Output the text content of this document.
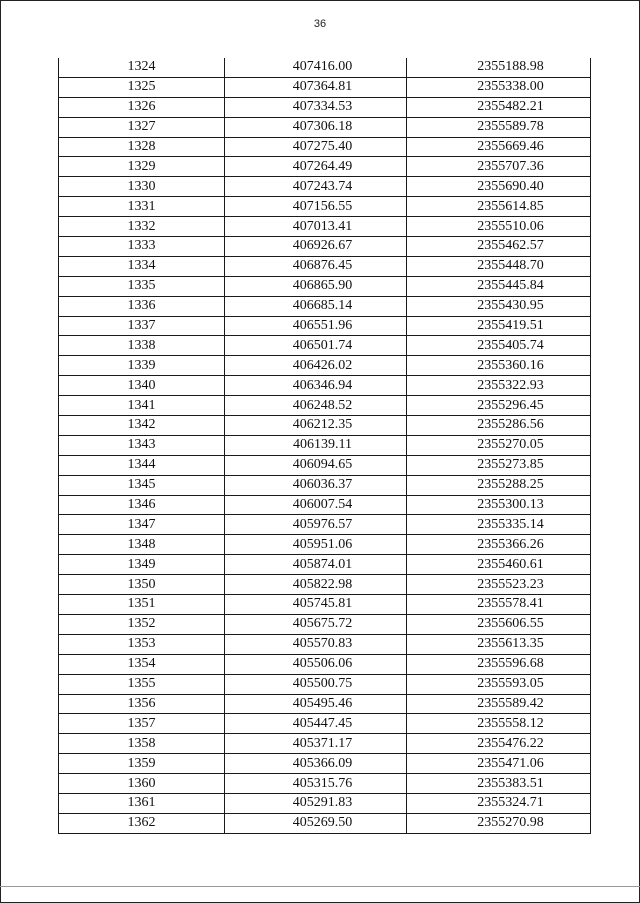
36
1324	407416.00	2355188.98
1325	407364.81	2355338.00
1326	407334.53	2355482.21
1327	407306.18	2355589.78
1328	407275.40	2355669.46
1329	407264.49	2355707.36
1330	407243.74	2355690.40
1331	407156.55	2355614.85
1332	407013.41	2355510.06
1333	406926.67	2355462.57
1334	406876.45	2355448.70
1335	406865.90	2355445.84
1336	406685.14	2355430.95
1337	406551.96	2355419.51
1338	406501.74	2355405.74
1339	406426.02	2355360.16
1340	406346.94	2355322.93
1341	406248.52	2355296.45
1342	406212.35	2355286.56
1343	406139.11	2355270.05
1344	406094.65	2355273.85
1345	406036.37	2355288.25
1346	406007.54	2355300.13
1347	405976.57	2355335.14
1348	405951.06	2355366.26
1349	405874.01	2355460.61
1350	405822.98	2355523.23
1351	405745.81	2355578.41
1352	405675.72	2355606.55
1353	405570.83	2355613.35
1354	405506.06	2355596.68
1355	405500.75	2355593.05
1356	405495.46	2355589.42
1357	405447.45	2355558.12
1358	405371.17	2355476.22
1359	405366.09	2355471.06
1360	405315.76	2355383.51
1361	405291.83	2355324.71
1362	405269.50	2355270.98
